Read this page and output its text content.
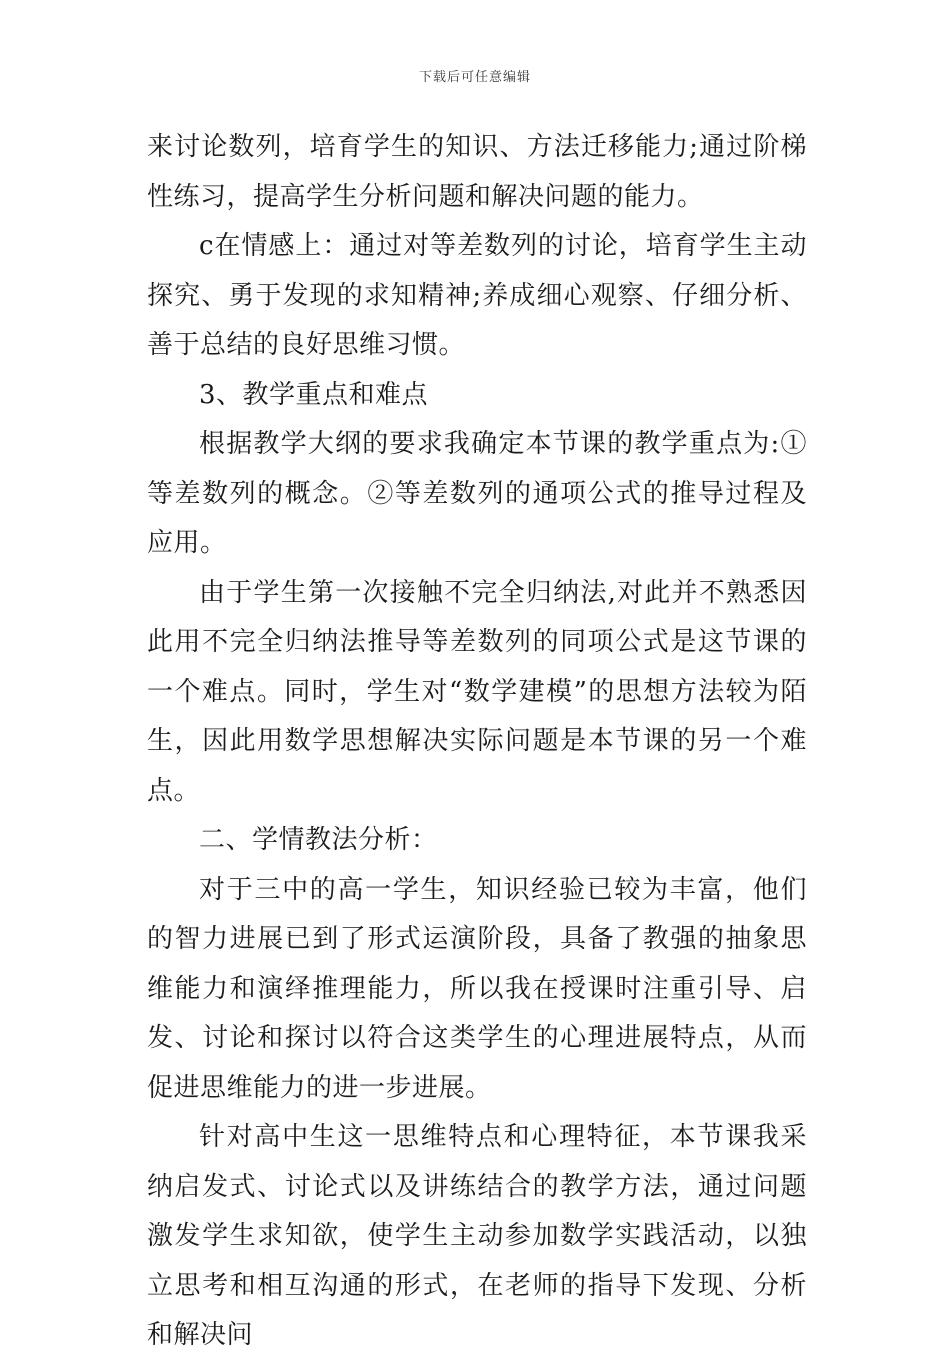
下载后可任意编辑

来讨论数列，培育学生的知识、方法迁移能力;通过阶梯性练习，提高学生分析问题和解决问题的能力。

c在情感上：通过对等差数列的讨论，培育学生主动探究、勇于发现的求知精神;养成细心观察、仔细分析、善于总结的良好思维习惯。

3、教学重点和难点

根据教学大纲的要求我确定本节课的教学重点为:①等差数列的概念。②等差数列的通项公式的推导过程及应用。

由于学生第一次接触不完全归纳法,对此并不熟悉因此用不完全归纳法推导等差数列的同项公式是这节课的一个难点。同时，学生对“数学建模”的思想方法较为陌生，因此用数学思想解决实际问题是本节课的另一个难点。

二、学情教法分析：

对于三中的高一学生，知识经验已较为丰富，他们的智力进展已到了形式运演阶段，具备了教强的抽象思维能力和演绎推理能力，所以我在授课时注重引导、启发、讨论和探讨以符合这类学生的心理进展特点，从而促进思维能力的进一步进展。

针对高中生这一思维特点和心理特征，本节课我采纳启发式、讨论式以及讲练结合的教学方法，通过问题激发学生求知欲，使学生主动参加数学实践活动，以独立思考和相互沟通的形式，在老师的指导下发现、分析和解决问
